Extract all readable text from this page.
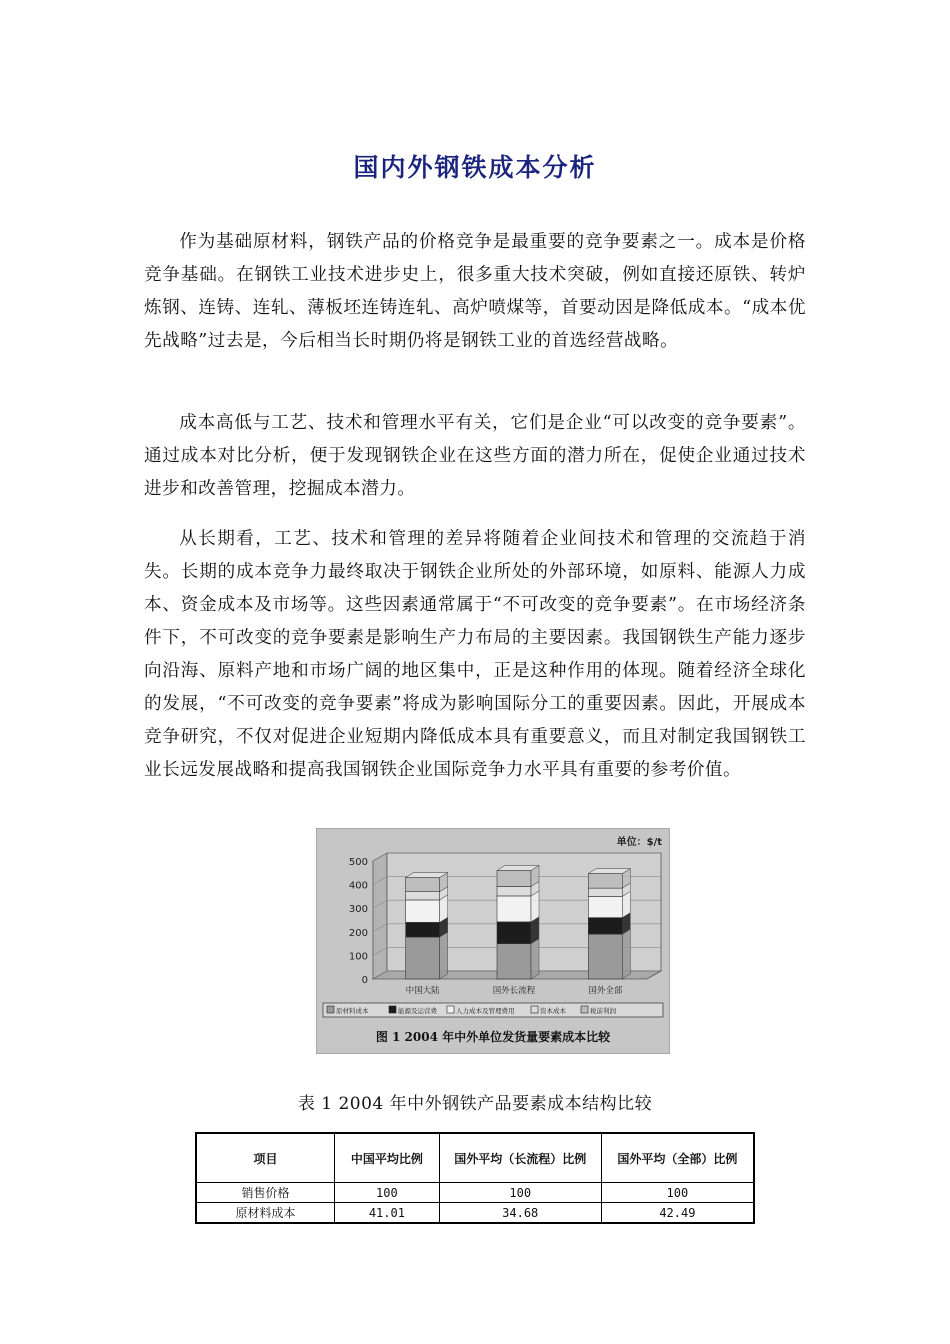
国内外钢铁成本分析

作为基础原材料，钢铁产品的价格竞争是最重要的竞争要素之一。成本是价格竞争基础。在钢铁工业技术进步史上，很多重大技术突破，例如直接还原铁、转炉炼钢、连铸、连轧、薄板坯连铸连轧、高炉喷煤等，首要动因是降低成本。“成本优先战略”过去是，今后相当长时期仍将是钢铁工业的首选经营战略。

成本高低与工艺、技术和管理水平有关，它们是企业“可以改变的竞争要素”。通过成本对比分析，便于发现钢铁企业在这些方面的潜力所在，促使企业通过技术进步和改善管理，挖掘成本潜力。

从长期看，工艺、技术和管理的差异将随着企业间技术和管理的交流趋于消失。长期的成本竞争力最终取决于钢铁企业所处的外部环境，如原料、能源人力成本、资金成本及市场等。这些因素通常属于“不可改变的竞争要素”。在市场经济条件下，不可改变的竞争要素是影响生产力布局的主要因素。我国钢铁生产能力逐步向沿海、原料产地和市场广阔的地区集中，正是这种作用的体现。随着经济全球化的发展，“不可改变的竞争要素”将成为影响国际分工的重要因素。因此，开展成本竞争研究，不仅对促进企业短期内降低成本具有重要意义，而且对制定我国钢铁工业长远发展战略和提高我国钢铁企业国际竞争力水平具有重要的参考价值。

单位：$/t
0
100
200
300
400
500
中国大陆	国外长流程	国外全部
原材料成本	能源及运营费	人力成本及管理费用	资本成本	税前利润
图 1 2004 年中外单位发货量要素成本比较
表 1 2004 年中外钢铁产品要素成本结构比较
项目	中国平均比例	国外平均（长流程）比例	国外平均（全部）比例
销售价格	100	100	100
原材料成本	41.01	34.68	42.49
